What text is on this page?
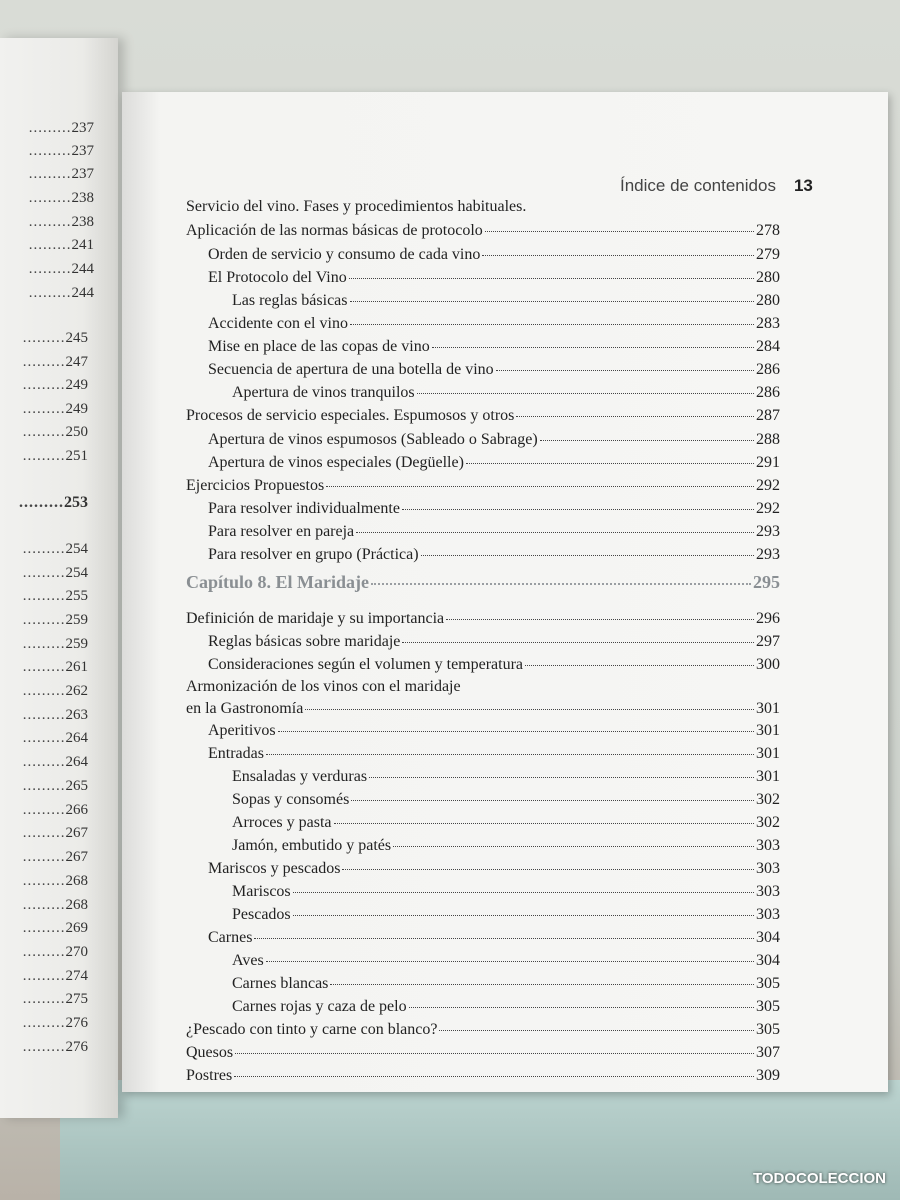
.........237
.........237
.........237
.........238
.........238
.........241
.........244
.........244
.........245
.........247
.........249
.........249
.........250
.........251
.........253
.........254
.........254
.........255
.........259
.........259
.........261
.........262
.........263
.........264
.........264
.........265
.........266
.........267
.........267
.........268
.........268
.........269
.........270
.........274
.........275
.........276
.........276
Índice de contenidos 13
Servicio del vino. Fases y procedimientos habituales.
Aplicación de las normas básicas de protocolo	278
Orden de servicio y consumo de cada vino	279
El Protocolo del Vino	280
Las reglas básicas	280
Accidente con el vino	283
Mise en place de las copas de vino	284
Secuencia de apertura de una botella de vino	286
Apertura de vinos tranquilos	286
Procesos de servicio especiales. Espumosos y otros	287
Apertura de vinos espumosos (Sableado o Sabrage)	288
Apertura de vinos especiales (Degüelle)	291
Ejercicios Propuestos	292
Para resolver individualmente	292
Para resolver en pareja	293
Para resolver en grupo (Práctica)	293
Capítulo 8. El Maridaje	295
Definición de maridaje y su importancia	296
Reglas básicas sobre maridaje	297
Consideraciones según el volumen y temperatura	300
Armonización de los vinos con el maridaje
en la Gastronomía	301
Aperitivos	301
Entradas	301
Ensaladas y verduras	301
Sopas y consomés	302
Arroces y pasta	302
Jamón, embutido y patés	303
Mariscos y pescados	303
Mariscos	303
Pescados	303
Carnes	304
Aves	304
Carnes blancas	305
Carnes rojas y caza de pelo	305
¿Pescado con tinto y carne con blanco?	305
Quesos	307
Postres	309
TODOCOLECCION
